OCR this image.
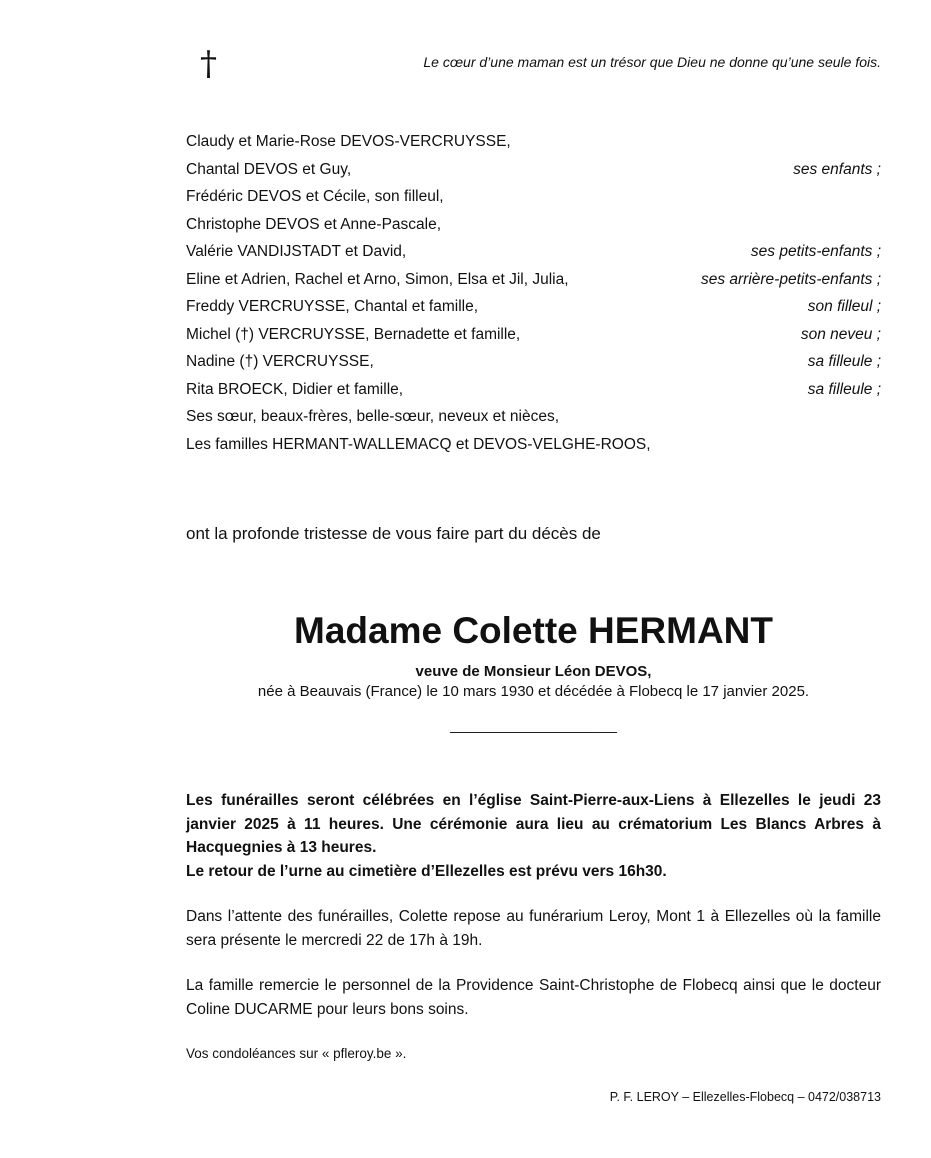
†	Le cœur d’une maman est un trésor que Dieu ne donne qu’une seule fois.
Claudy et Marie-Rose DEVOS-VERCRUYSSE,
Chantal DEVOS et Guy,	ses enfants ;
Frédéric DEVOS et Cécile, son filleul,
Christophe DEVOS et Anne-Pascale,
Valérie VANDIJSTADT et David,	ses petits-enfants ;
Eline et Adrien, Rachel et Arno, Simon, Elsa et Jil, Julia,	ses arrière-petits-enfants ;
Freddy VERCRUYSSE, Chantal et famille,	son filleul ;
Michel (†) VERCRUYSSE, Bernadette et famille,	son neveu ;
Nadine (†) VERCRUYSSE,	sa filleule ;
Rita BROECK, Didier et famille,	sa filleule ;
Ses sœur, beaux-frères, belle-sœur, neveux et nièces,
Les familles HERMANT-WALLEMACQ et DEVOS-VELGHE-ROOS,
ont la profonde tristesse de vous faire part du décès de
Madame Colette HERMANT
veuve de Monsieur Léon DEVOS,
née à Beauvais (France) le 10 mars 1930 et décédée à Flobecq le 17 janvier 2025.
____________________

Les funérailles seront célébrées en l’église Saint-Pierre-aux-Liens à Ellezelles le jeudi 23 janvier 2025 à 11 heures. Une cérémonie aura lieu au crématorium Les Blancs Arbres à Hacquegnies à 13 heures.

Le retour de l’urne au cimetière d’Ellezelles est prévu vers 16h30.

Dans l’attente des funérailles, Colette repose au funérarium Leroy, Mont 1 à Ellezelles où la famille sera présente le mercredi 22 de 17h à 19h.

La famille remercie le personnel de la Providence Saint-Christophe de Flobecq ainsi que le docteur Coline DUCARME pour leurs bons soins.

Vos condoléances sur « pfleroy.be ».
P. F. LEROY – Ellezelles-Flobecq – 0472/038713
